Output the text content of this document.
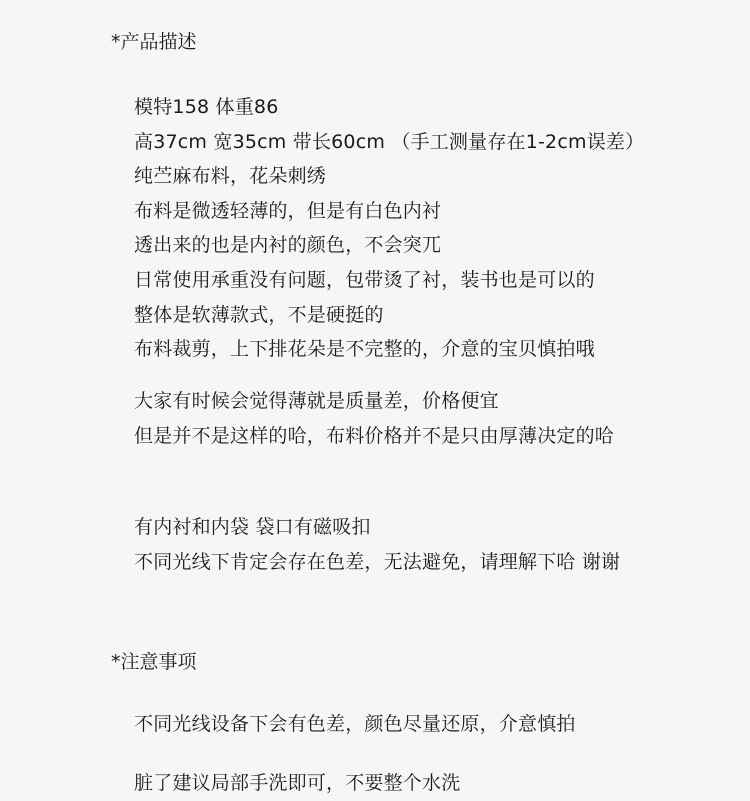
*产品描述
模特158 体重86
高37cm 宽35cm 带长60cm （手工测量存在1-2cm误差）
纯苎麻布料，花朵刺绣
布料是微透轻薄的，但是有白色内衬
透出来的也是内衬的颜色，不会突兀
日常使用承重没有问题，包带烫了衬，装书也是可以的
整体是软薄款式，不是硬挺的
布料裁剪，上下排花朵是不完整的，介意的宝贝慎拍哦
大家有时候会觉得薄就是质量差，价格便宜
但是并不是这样的哈，布料价格并不是只由厚薄决定的哈
有内衬和内袋 袋口有磁吸扣
不同光线下肯定会存在色差，无法避免，请理解下哈 谢谢
*注意事项
不同光线设备下会有色差，颜色尽量还原，介意慎拍
脏了建议局部手洗即可，不要整个水洗
